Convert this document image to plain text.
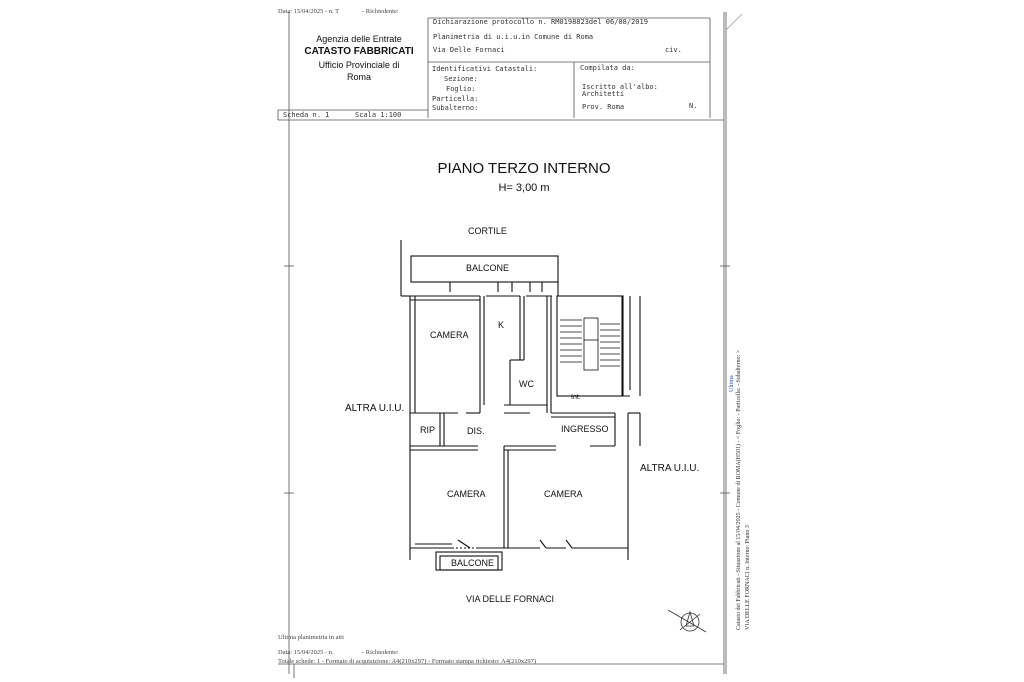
Data: 15/04/2025 - n. T	- Richiedente:
Agenzia delle Entrate
CATASTO FABBRICATI
Ufficio Provinciale di
Roma
Dichiarazione protocollo n. RM0198823del 06/08/2019
Planimetria di u.i.u.in Comune di Roma
Via Delle Fornaci	civ.
Identificativi Catastali:
Sezione:
Foglio:
Particella:
Subalterno:
Compilata da:
Iscritto all'albo:
Architetti
Prov. Roma	N.
Scheda n. 1	Scala 1:100
PIANO TERZO INTERNO
H= 3,00 m
CORTILE
BALCONE
CAMERA
K
WC
Int.
ALTRA U.I.U.
RIP	DIS.	INGRESSO
ALTRA U.I.U.
CAMERA	CAMERA
BALCONE
VIA DELLE FORNACI
Ultima planimetria in atti
Data: 15/04/2025 - n.	- Richiedente:
Totale schede: 1 - Formato di acquisizione: A4(210x297) - Formato stampa richiesto: A4(210x297)
Catasto dei Fabbricati - Situazione al 15/04/2025 - Comune di ROMA(H501) - < Foglio: - Particella: - Subalterno: > VIA DELLE FORNACI n. Interno: Piano 3
Ultima
